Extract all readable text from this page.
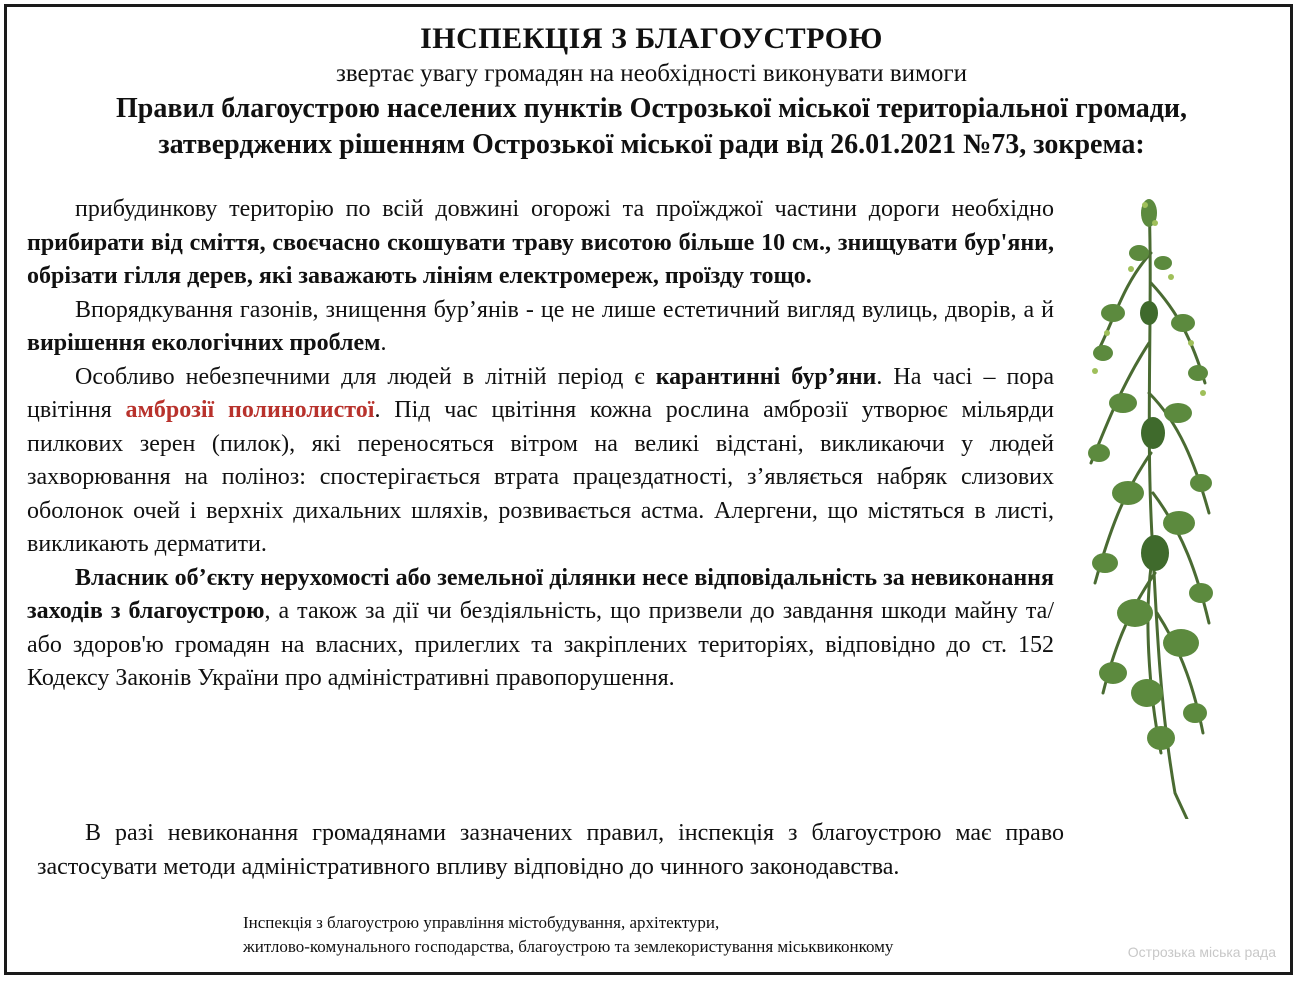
ІНСПЕКЦІЯ З БЛАГОУСТРОЮ

звертає увагу громадян на необхідності виконувати вимоги

Правил благоустрою населених пунктів Острозької міської територіальної громади,

затверджених рішенням Острозької міської ради від 26.01.2021 №73, зокрема:

прибудинкову територію по всій довжині огорожі та проїжджої частини дороги необхідно прибирати від сміття, своєчасно скошувати траву висотою більше 10 см., знищувати бур'яни, обрізати гілля дерев, які заважають лініям електромереж, проїзду тощо.

Впорядкування газонів, знищення бур’янів - це не лише естетичний вигляд вулиць, дворів, а й вирішення екологічних проблем.

Особливо небезпечними для людей в літній період є карантинні бур’яни. На часі – пора цвітіння амброзії полинолистої. Під час цвітіння кожна рослина амброзії утворює мільярди пилкових зерен (пилок), які переносяться вітром на великі відстані, викликаючи у людей захворювання на поліноз: спостерігається втрата працездатності, з’являється набряк слизових оболонок очей і верхніх дихальних шляхів, розвивається астма. Алергени, що містяться в листі, викликають дерматити.

Власник об’єкту нерухомості або земельної ділянки несе відповідальність за невиконання заходів з благоустрою, а також за дії чи бездіяльність, що призвели до завдання шкоди майну та/або здоров'ю громадян на власних, прилеглих та закріплених територіях, відповідно до ст. 152 Кодексу Законів України про адміністративні правопорушення.

В разі невиконання громадянами зазначених правил, інспекція з благоустрою має право застосувати методи адміністративного впливу відповідно до чинного законодавства.

Інспекція з благоустрою управління містобудування, архітектури,
житлово-комунального господарства, благоустрою та землекористування міськвиконкому	Острозька міська рада
